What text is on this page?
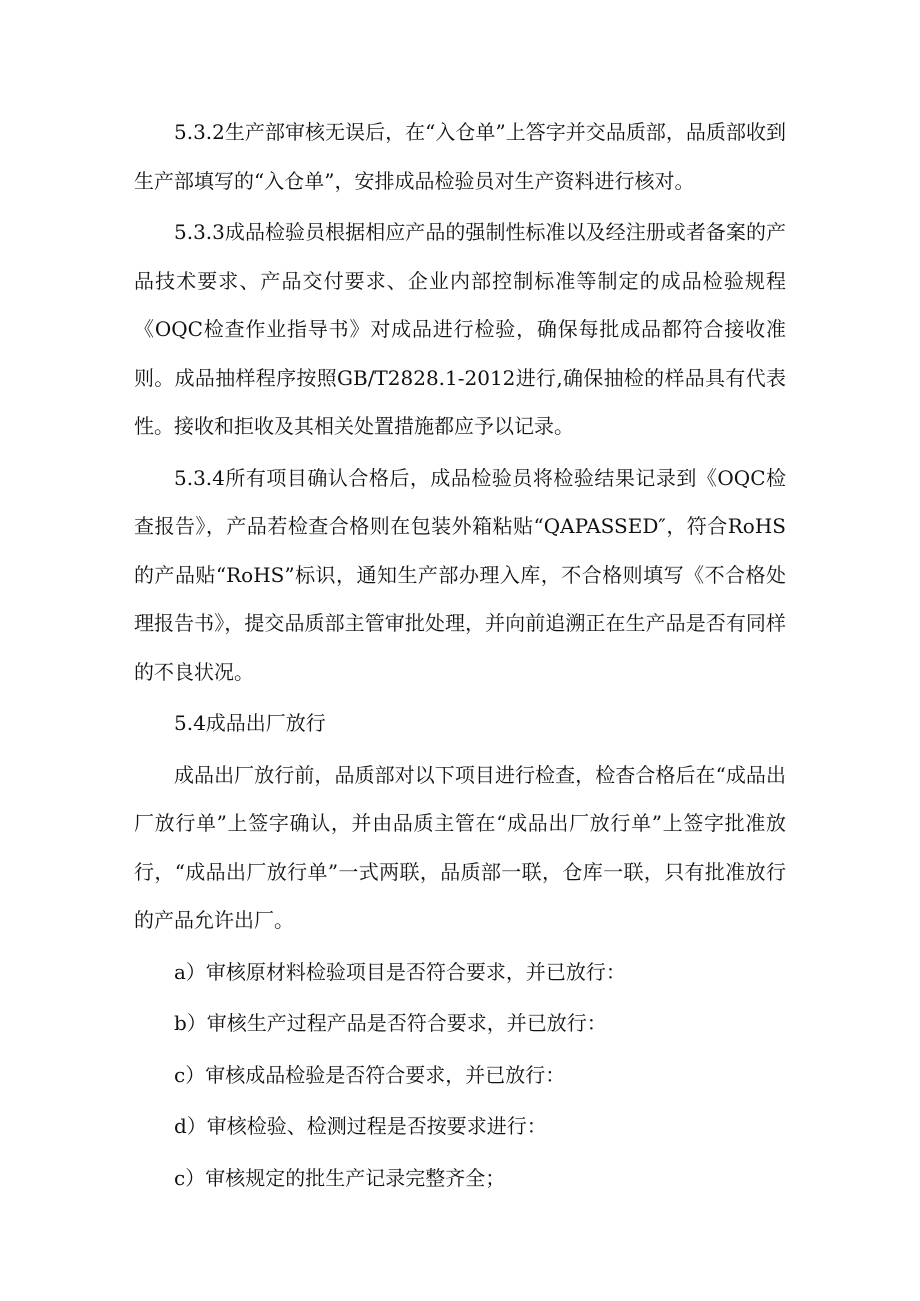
5.3.2生产部审核无误后，在“入仓单”上答字并交品质部，品质部收到生产部填写的“入仓单”，安排成品检验员对生产资料进行核对。

5.3.3成品检验员根据相应产品的强制性标准以及经注册或者备案的产品技术要求、产品交付要求、企业内部控制标准等制定的成品检验规程《OQC检查作业指导书》对成品进行检验，确保每批成品都符合接收准则。成品抽样程序按照GB/T2828.1-2012进行,确保抽检的样品具有代表性。接收和拒收及其相关处置措施都应予以记录。

5.3.4所有项目确认合格后，成品检验员将检验结果记录到《OQC检查报告》，产品若检查合格则在包装外箱粘贴“QAPASSED″，符合RoHS的产品贴“RoHS”标识，通知生产部办理入库，不合格则填写《不合格处理报告书》，提交品质部主管审批处理，并向前追溯正在生产品是否有同样的不良状况。

5.4成品出厂放行

成品出厂放行前，品质部对以下项目进行检查，检杳合格后在“成品出厂放行单”上签字确认，并由品质主管在“成品出厂放行单”上签字批准放行，“成品出厂放行单”一式两联，品质部一联，仓库一联，只有批准放行的产品允许出厂。

a）审核原材料检验项目是否符合要求，并已放行：

b）审核生产过程产品是否符合要求，并已放行：

c）审核成品检验是否符合要求，并已放行：

d）审核检验、检测过程是否按要求进行：

c）审核规定的批生产记录完整齐全；
